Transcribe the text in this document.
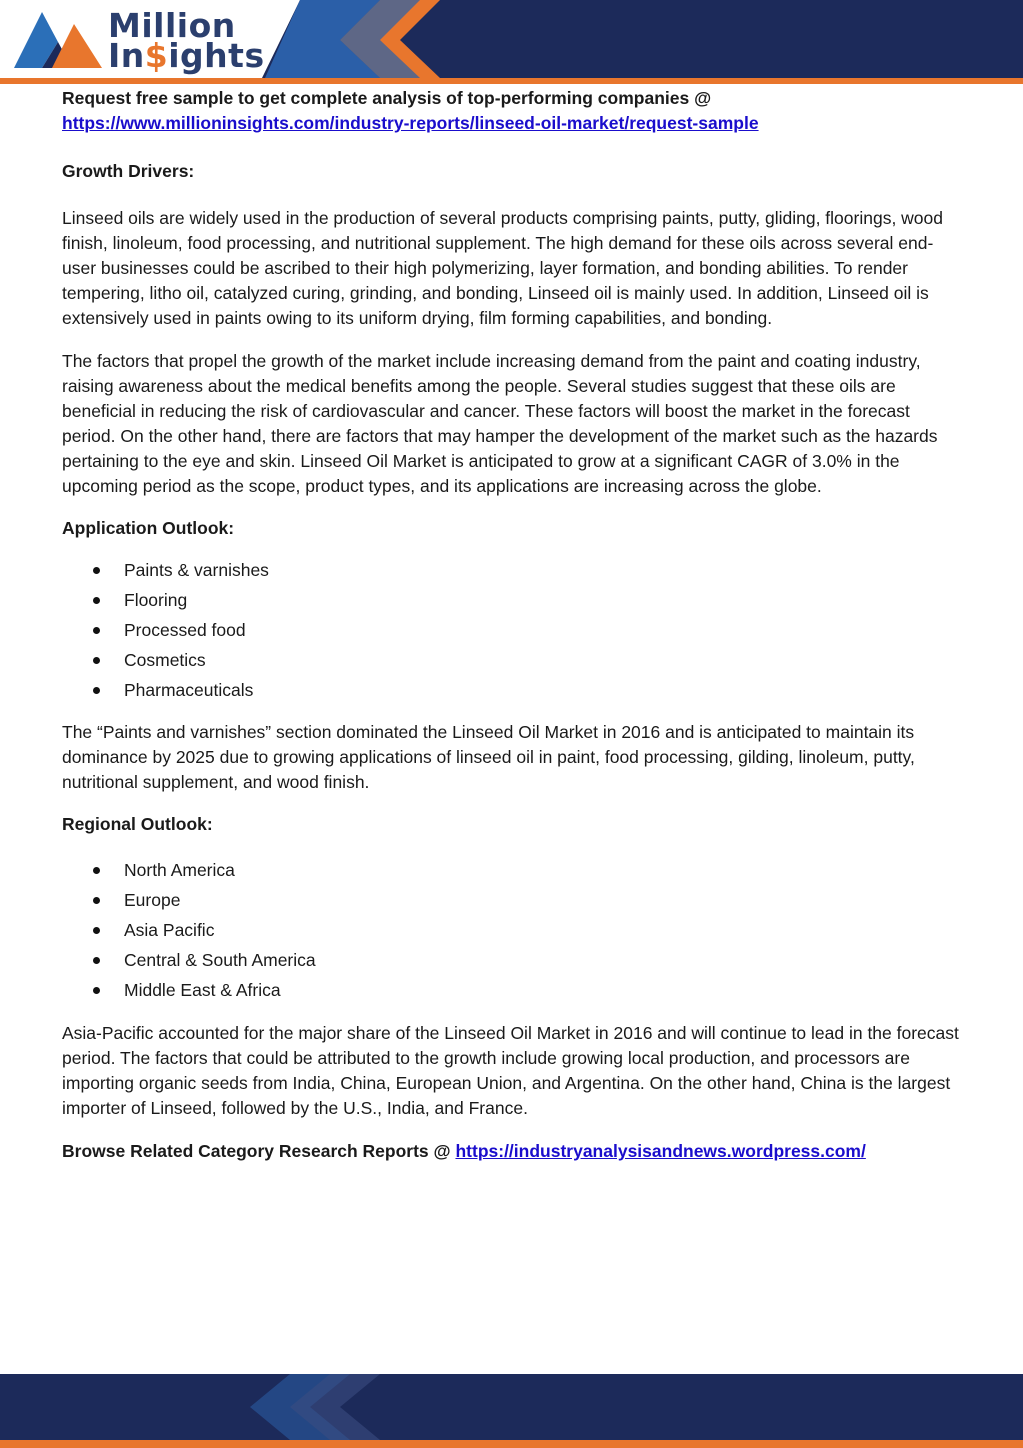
Million
In$ights

Request free sample to get complete analysis of top-performing companies @

https://www.millioninsights.com/industry-reports/linseed-oil-market/request-sample

Growth Drivers:

Linseed oils are widely used in the production of several products comprising paints, putty, gliding, floorings, wood finish, linoleum, food processing, and nutritional supplement. The high demand for these oils across several end-user businesses could be ascribed to their high polymerizing, layer formation, and bonding abilities. To render tempering, litho oil, catalyzed curing, grinding, and bonding, Linseed oil is mainly used. In addition, Linseed oil is extensively used in paints owing to its uniform drying, film forming capabilities, and bonding.

The factors that propel the growth of the market include increasing demand from the paint and coating industry, raising awareness about the medical benefits among the people. Several studies suggest that these oils are beneficial in reducing the risk of cardiovascular and cancer. These factors will boost the market in the forecast period. On the other hand, there are factors that may hamper the development of the market such as the hazards pertaining to the eye and skin. Linseed Oil Market is anticipated to grow at a significant CAGR of 3.0% in the upcoming period as the scope, product types, and its applications are increasing across the globe.

Application Outlook:

Paints & varnishes
Flooring
Processed food
Cosmetics
Pharmaceuticals

The “Paints and varnishes” section dominated the Linseed Oil Market in 2016 and is anticipated to maintain its dominance by 2025 due to growing applications of linseed oil in paint, food processing, gilding, linoleum, putty, nutritional supplement, and wood finish.

Regional Outlook:

North America
Europe
Asia Pacific
Central & South America
Middle East & Africa

Asia-Pacific accounted for the major share of the Linseed Oil Market in 2016 and will continue to lead in the forecast period. The factors that could be attributed to the growth include growing local production, and processors are importing organic seeds from India, China, European Union, and Argentina. On the other hand, China is the largest importer of Linseed, followed by the U.S., India, and France.

Browse Related Category Research Reports @ https://industryanalysisandnews.wordpress.com/
